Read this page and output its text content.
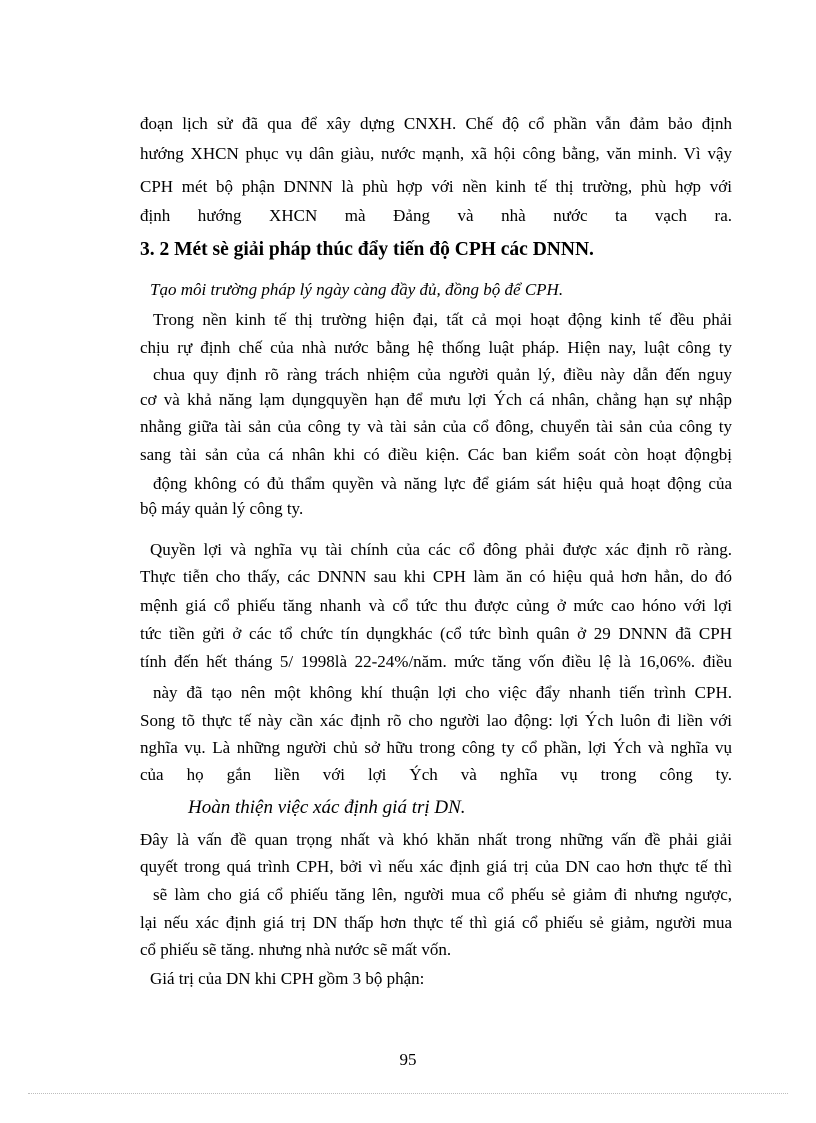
đoạn lịch sử đã qua để xây dựng CNXH. Chế độ cổ phần vẫn đảm bảo định
hướng XHCN phục vụ dân giàu, nước mạnh, xã hội công bằng, văn minh. Vì vậy
CPH mét bộ phận DNNN là phù hợp với nền kinh tế thị trường, phù hợp với
định hướng XHCN mà Đảng và nhà nước ta vạch ra.
3. 2 Mét sè giải pháp thúc đẩy tiến độ CPH các DNNN.
Tạo môi trường pháp lý ngày càng đầy đủ, đồng bộ để CPH.
Trong nền kinh tế thị trường hiện đại, tất cả mọi hoạt động kinh tế đều phải
chịu rự định chế của nhà nước bằng hệ thống luật pháp. Hiện nay, luật công ty
chua quy định rõ ràng trách nhiệm của người quản lý, điều này dẫn đến nguy
cơ và khả năng lạm dụngquyền hạn để mưu lợi Ých cá nhân, chẳng hạn sự nhập
nhằng giữa tài sản của công ty và tài sản của cổ đông, chuyển tài sản của công ty
sang tài sản của cá nhân khi có điều kiện. Các ban kiểm soát còn hoạt độngbị
động không có đủ thẩm quyền và năng lực để giám sát hiệu quả hoạt động của
bộ máy quản lý công ty.
Quyền lợi và nghĩa vụ tài chính của các cổ đông phải được xác định rõ ràng.
Thực tiễn cho thấy, các DNNN sau khi CPH làm ăn có hiệu quả hơn hẳn, do đó
mệnh giá cổ phiếu tăng nhanh và cổ tức thu được củng ở mức cao hóno với lợi
tức tiền gửi ở các tổ chức tín dụngkhác (cổ tức bình quân ở 29 DNNN đã CPH
tính đến hết tháng 5/ 1998là 22-24%/năm. mức tăng vốn điều lệ là 16,06%. điều
này đã tạo nên một không khí thuận lợi cho việc đẩy nhanh tiến trình CPH.
Song tõ thực tế này cần xác định rõ cho người lao động: lợi Ých luôn đi liền với
nghĩa vụ. Là những người chủ sở hữu trong công ty cổ phần, lợi Ých và nghĩa vụ
của họ gắn liền với lợi Ých và nghĩa vụ trong công ty.
Hoàn thiện việc xác định giá trị DN.
Đây là vấn đề quan trọng nhất và khó khăn nhất trong những vấn đề phải giải
quyết trong quá trình CPH, bởi vì nếu xác định giá trị của DN cao hơn thực tế thì
sẽ làm cho giá cổ phiếu tăng lên, người mua cổ phếu sẻ giảm đi nhưng ngược,
lại nếu xác định giá trị DN thấp hơn thực tế thì giá cổ phiếu sẻ giảm, người mua
cổ phiếu sẽ tăng. nhưng nhà nước sẽ mất vốn.
Giá trị của DN khi CPH gồm 3 bộ phận:
95
